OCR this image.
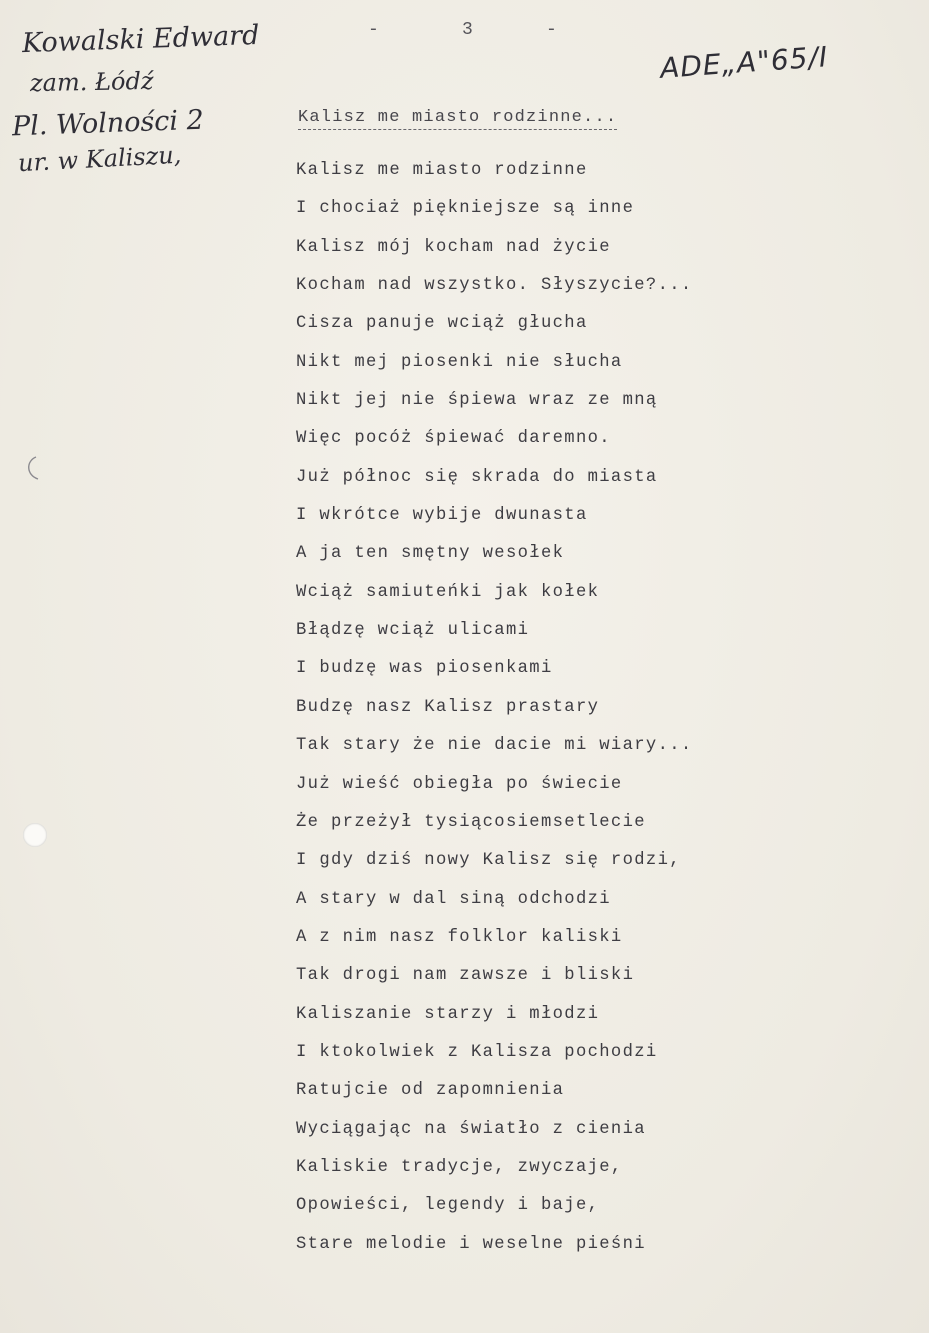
Kowalski Edward
zam. Łódź
Pl. Wolności 2
ur. w Kaliszu,
ADE„A"65/I
-	3	-
Kalisz me miasto rodzinne...
Kalisz me miasto rodzinne
I chociaż piękniejsze są inne
Kalisz mój kocham nad życie
Kocham nad wszystko. Słyszycie?...
Cisza panuje wciąż głucha
Nikt mej piosenki nie słucha
Nikt jej nie śpiewa wraz ze mną
Więc pocóż śpiewać daremno.
Już północ się skrada do miasta
I wkrótce wybije dwunasta
A ja ten smętny wesołek
Wciąż samiuteńki jak kołek
Błądzę wciąż ulicami
I budzę was piosenkami
Budzę nasz Kalisz prastary
Tak stary że nie dacie mi wiary...
Już wieść obiegła po świecie
Że przeżył tysiącosiemsetlecie
I gdy dziś nowy Kalisz się rodzi,
A stary w dal siną odchodzi
A z nim nasz folklor kaliski
Tak drogi nam zawsze i bliski
Kaliszanie starzy i młodzi
I ktokolwiek z Kalisza pochodzi
Ratujcie od zapomnienia
Wyciągając na światło z cienia
Kaliskie tradycje, zwyczaje,
Opowieści, legendy i baje,
Stare melodie i weselne pieśni
